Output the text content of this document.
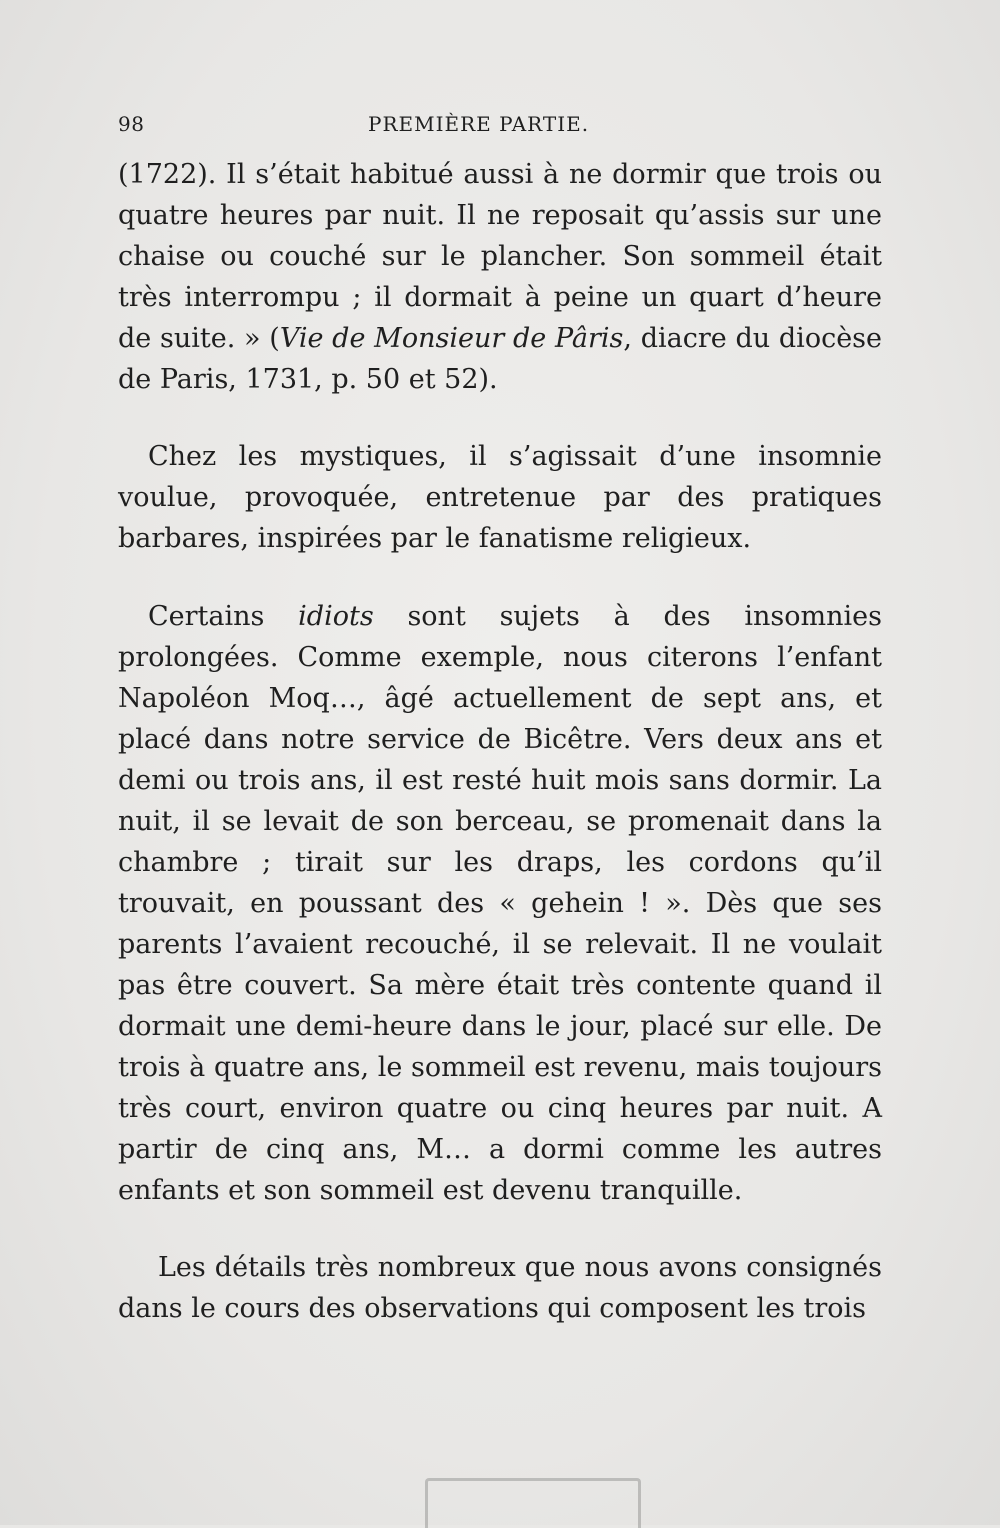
98	PREMIÈRE PARTIE.

(1722). Il s’était habitué aussi à ne dormir que trois ou quatre heures par nuit. Il ne reposait qu’assis sur une chaise ou couché sur le plancher. Son sommeil était très interrompu ; il dormait à peine un quart d’heure de suite. » (Vie de Monsieur de Pâris, diacre du diocèse de Paris, 1731, p. 50 et 52).

Chez les mystiques, il s’agissait d’une insomnie voulue, provoquée, entretenue par des pratiques barbares, inspirées par le fanatisme religieux.

Certains idiots sont sujets à des insomnies prolongées. Comme exemple, nous citerons l’enfant Napoléon Moq…, âgé actuellement de sept ans, et placé dans notre service de Bicêtre. Vers deux ans et demi ou trois ans, il est resté huit mois sans dormir. La nuit, il se levait de son berceau, se promenait dans la chambre ; tirait sur les draps, les cordons qu’il trouvait, en poussant des « gehein ! ». Dès que ses parents l’avaient recouché, il se relevait. Il ne voulait pas être couvert. Sa mère était très contente quand il dormait une demi-heure dans le jour, placé sur elle. De trois à quatre ans, le sommeil est revenu, mais toujours très court, environ quatre ou cinq heures par nuit. A partir de cinq ans, M… a dormi comme les autres enfants et son sommeil est devenu tranquille.

Les détails très nombreux que nous avons consignés dans le cours des observations qui composent les trois
